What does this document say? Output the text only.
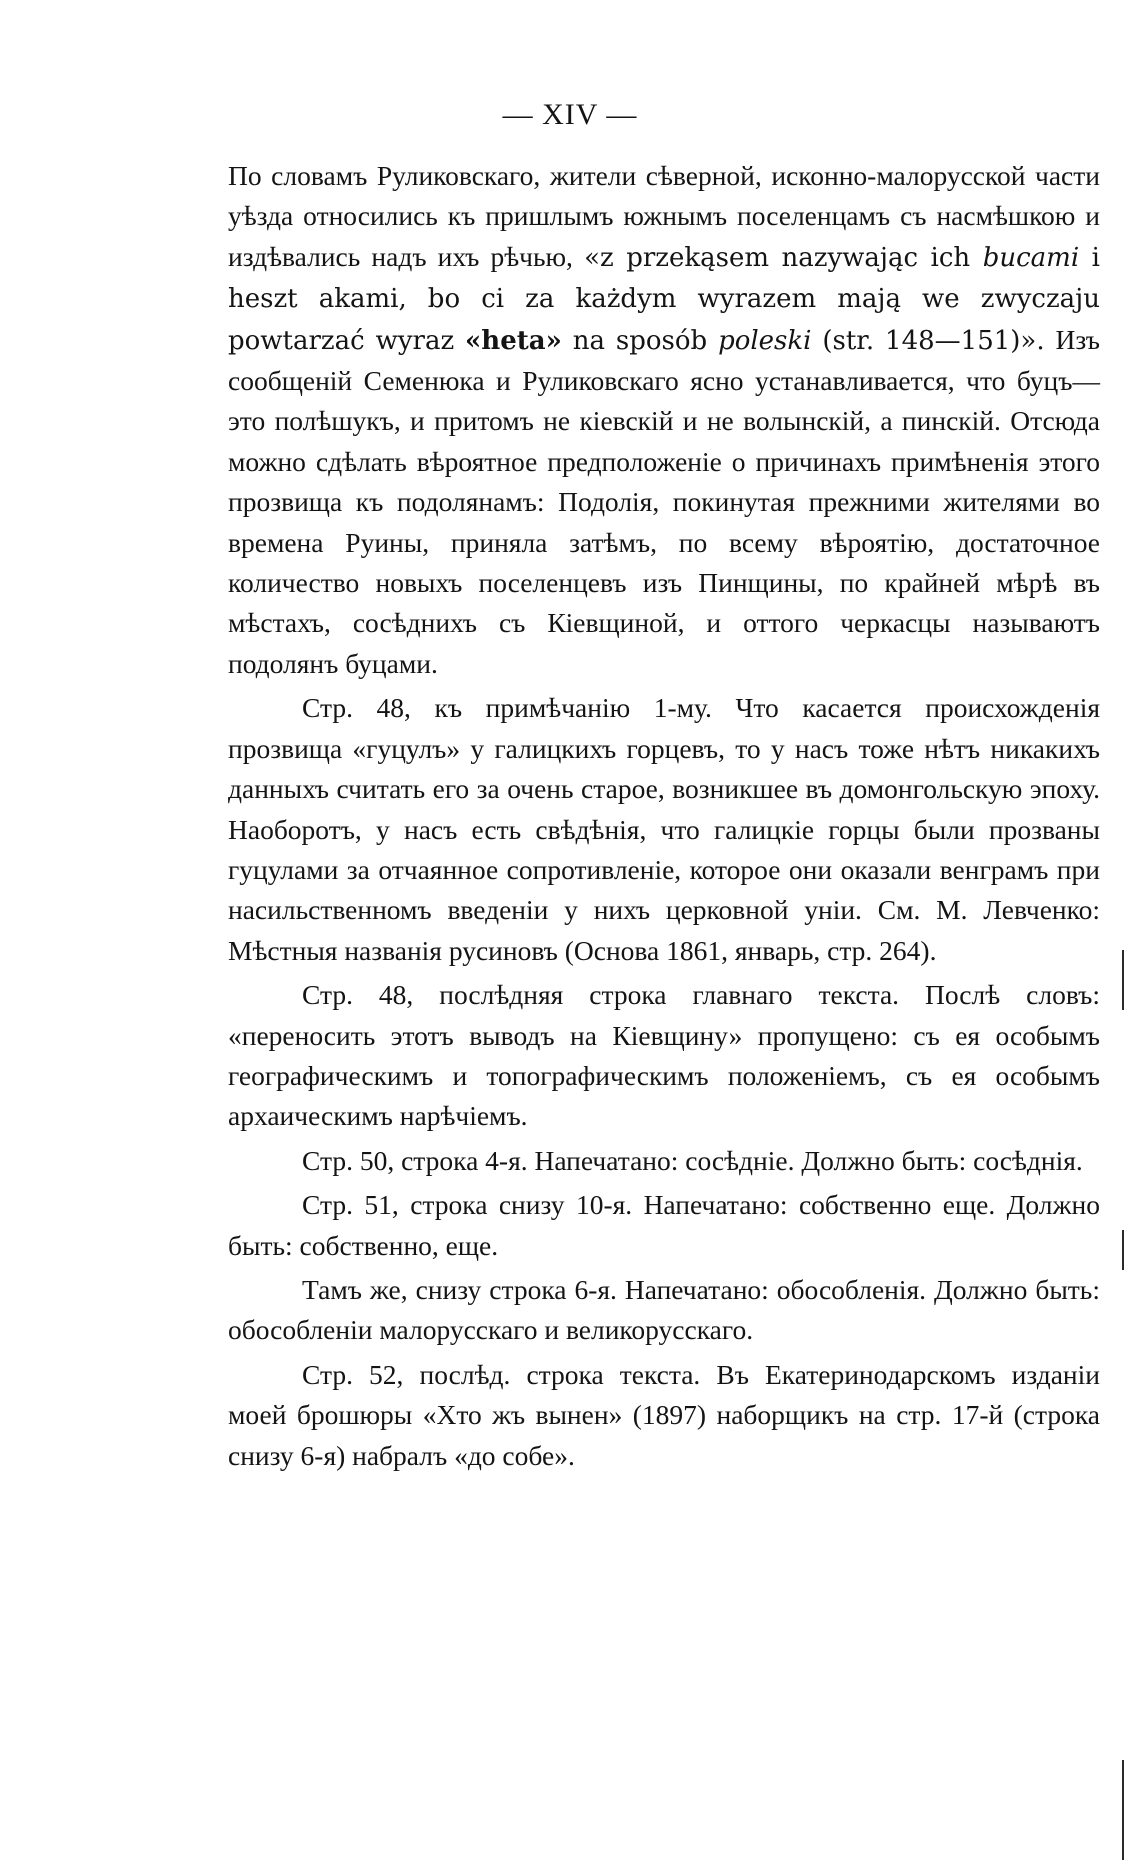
— XIV —

По словамъ Руликовскаго, жители сѣверной, исконно-малорусской части уѣзда относились къ пришлымъ южнымъ поселенцамъ съ насмѣшкою и издѣвались надъ ихъ рѣчью, «z przekąsem nazywając ich bucami i heszt akami, bo ci za każdym wyrazem mają we zwyczaju powtarzać wyraz «heta» na sposób poleski (str. 148—151)». Изъ сообщеній Семенюка и Руликовскаго ясно устанавливается, что буцъ—это полѣшукъ, и притомъ не кіевскій и не волынскій, а пинскій. Отсюда можно сдѣлать вѣроятное предположеніе о причинахъ примѣненія этого прозвища къ подолянамъ: Подолія, покинутая прежними жителями во времена Руины, приняла затѣмъ, по всему вѣроятію, достаточное количество новыхъ поселенцевъ изъ Пинщины, по крайней мѣрѣ въ мѣстахъ, сосѣднихъ съ Кіевщиной, и оттого черкасцы называютъ подолянъ буцами.

Стр. 48, къ примѣчанію 1-му. Что касается происхожденія прозвища «гуцулъ» у галицкихъ горцевъ, то у насъ тоже нѣтъ никакихъ данныхъ считать его за очень старое, возникшее въ домонгольскую эпоху. Наоборотъ, у насъ есть свѣдѣнія, что галицкіе горцы были прозваны гуцулами за отчаянное сопротивленіе, которое они оказали венграмъ при насильственномъ введеніи у нихъ церковной уніи. См. М. Левченко: Мѣстныя названія русиновъ (Основа 1861, январь, стр. 264).

Стр. 48, послѣдняя строка главнаго текста. Послѣ словъ: «переносить этотъ выводъ на Кіевщину» пропущено: съ ея особымъ географическимъ и топографическимъ положеніемъ, съ ея особымъ архаическимъ нарѣчіемъ.

Стр. 50, строка 4-я. Напечатано: сосѣдніе. Должно быть: сосѣднія.

Стр. 51, строка снизу 10-я. Напечатано: собственно еще. Должно быть: собственно, еще.

Тамъ же, снизу строка 6-я. Напечатано: обособленія. Должно быть: обособленіи малорусскаго и великорусскаго.

Стр. 52, послѣд. строка текста. Въ Екатеринодарскомъ изданіи моей брошюры «Хто жъ вынен» (1897) наборщикъ на стр. 17-й (строка снизу 6-я) набралъ «до собе».
